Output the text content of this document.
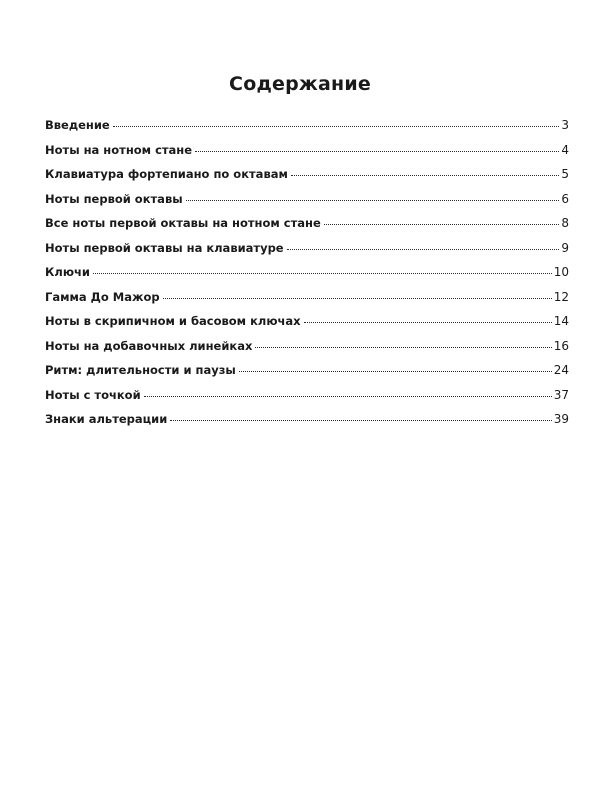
Содержание
Введение	3
Ноты на нотном стане	4
Клавиатура фортепиано по октавам	5
Ноты первой октавы	6
Все ноты первой октавы на нотном стане	8
Ноты первой октавы на клавиатуре	9
Ключи	10
Гамма До Мажор	12
Ноты в скрипичном и басовом ключах	14
Ноты на добавочных линейках	16
Ритм: длительности и паузы	24
Ноты с точкой	37
Знаки альтерации	39
